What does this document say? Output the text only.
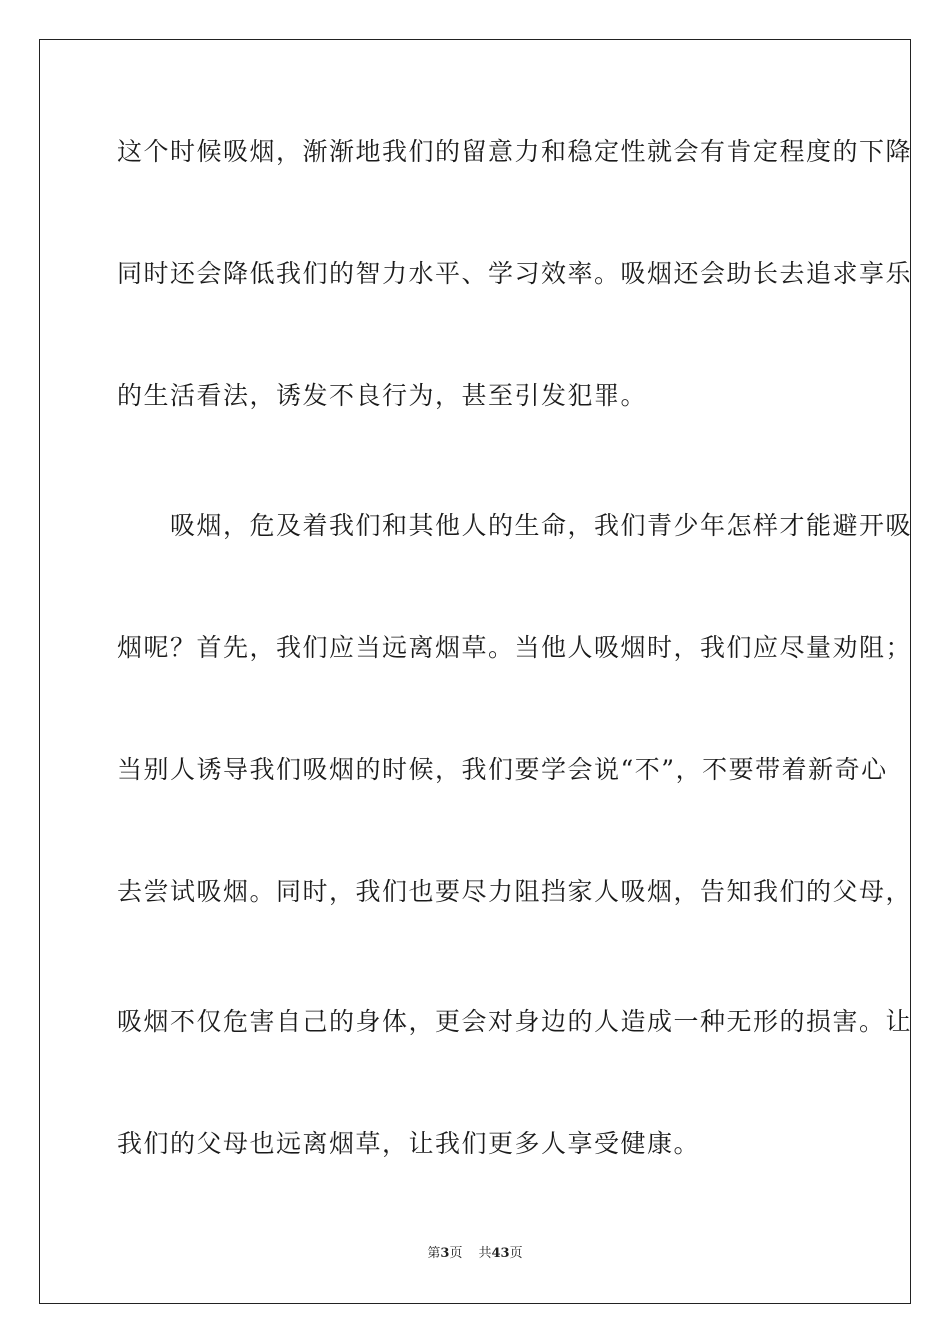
这个时候吸烟，渐渐地我们的留意力和稳定性就会有肯定程度的下降
同时还会降低我们的智力水平、学习效率。吸烟还会助长去追求享乐
的生活看法，诱发不良行为，甚至引发犯罪。
　　吸烟，危及着我们和其他人的生命，我们青少年怎样才能避开吸
烟呢？首先，我们应当远离烟草。当他人吸烟时，我们应尽量劝阻；
当别人诱导我们吸烟的时候，我们要学会说“不”，不要带着新奇心
去尝试吸烟。同时，我们也要尽力阻挡家人吸烟，告知我们的父母，
吸烟不仅危害自己的身体，更会对身边的人造成一种无形的损害。让
我们的父母也远离烟草，让我们更多人享受健康。
第3页 共43页
